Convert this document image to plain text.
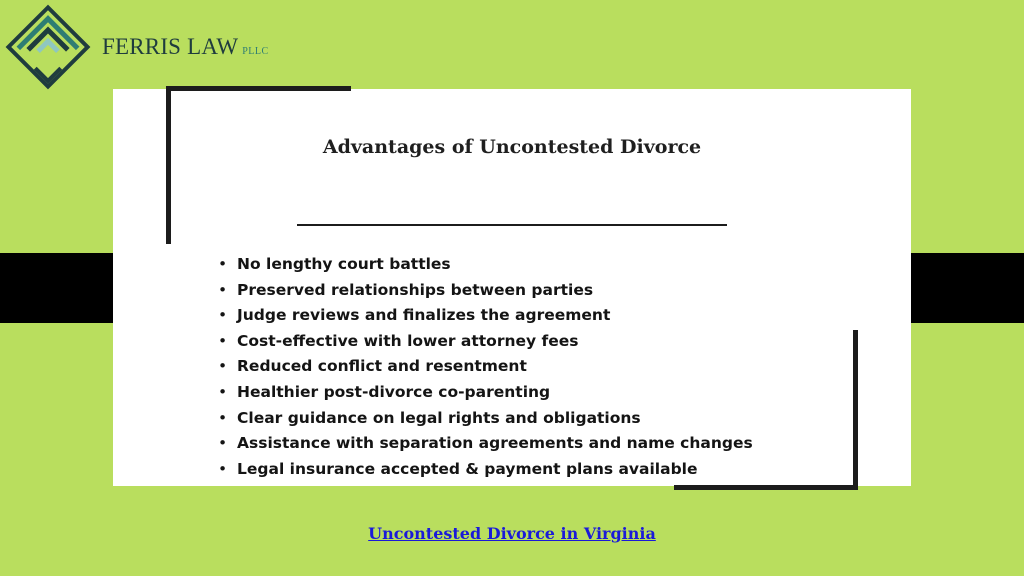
FERRIS LAW PLLC
Advantages of Uncontested Divorce
• No lengthy court battles
• Preserved relationships between parties
• Judge reviews and finalizes the agreement
• Cost-effective with lower attorney fees
• Reduced conflict and resentment
• Healthier post-divorce co-parenting
• Clear guidance on legal rights and obligations
• Assistance with separation agreements and name changes
• Legal insurance accepted & payment plans available
Uncontested Divorce in Virginia
